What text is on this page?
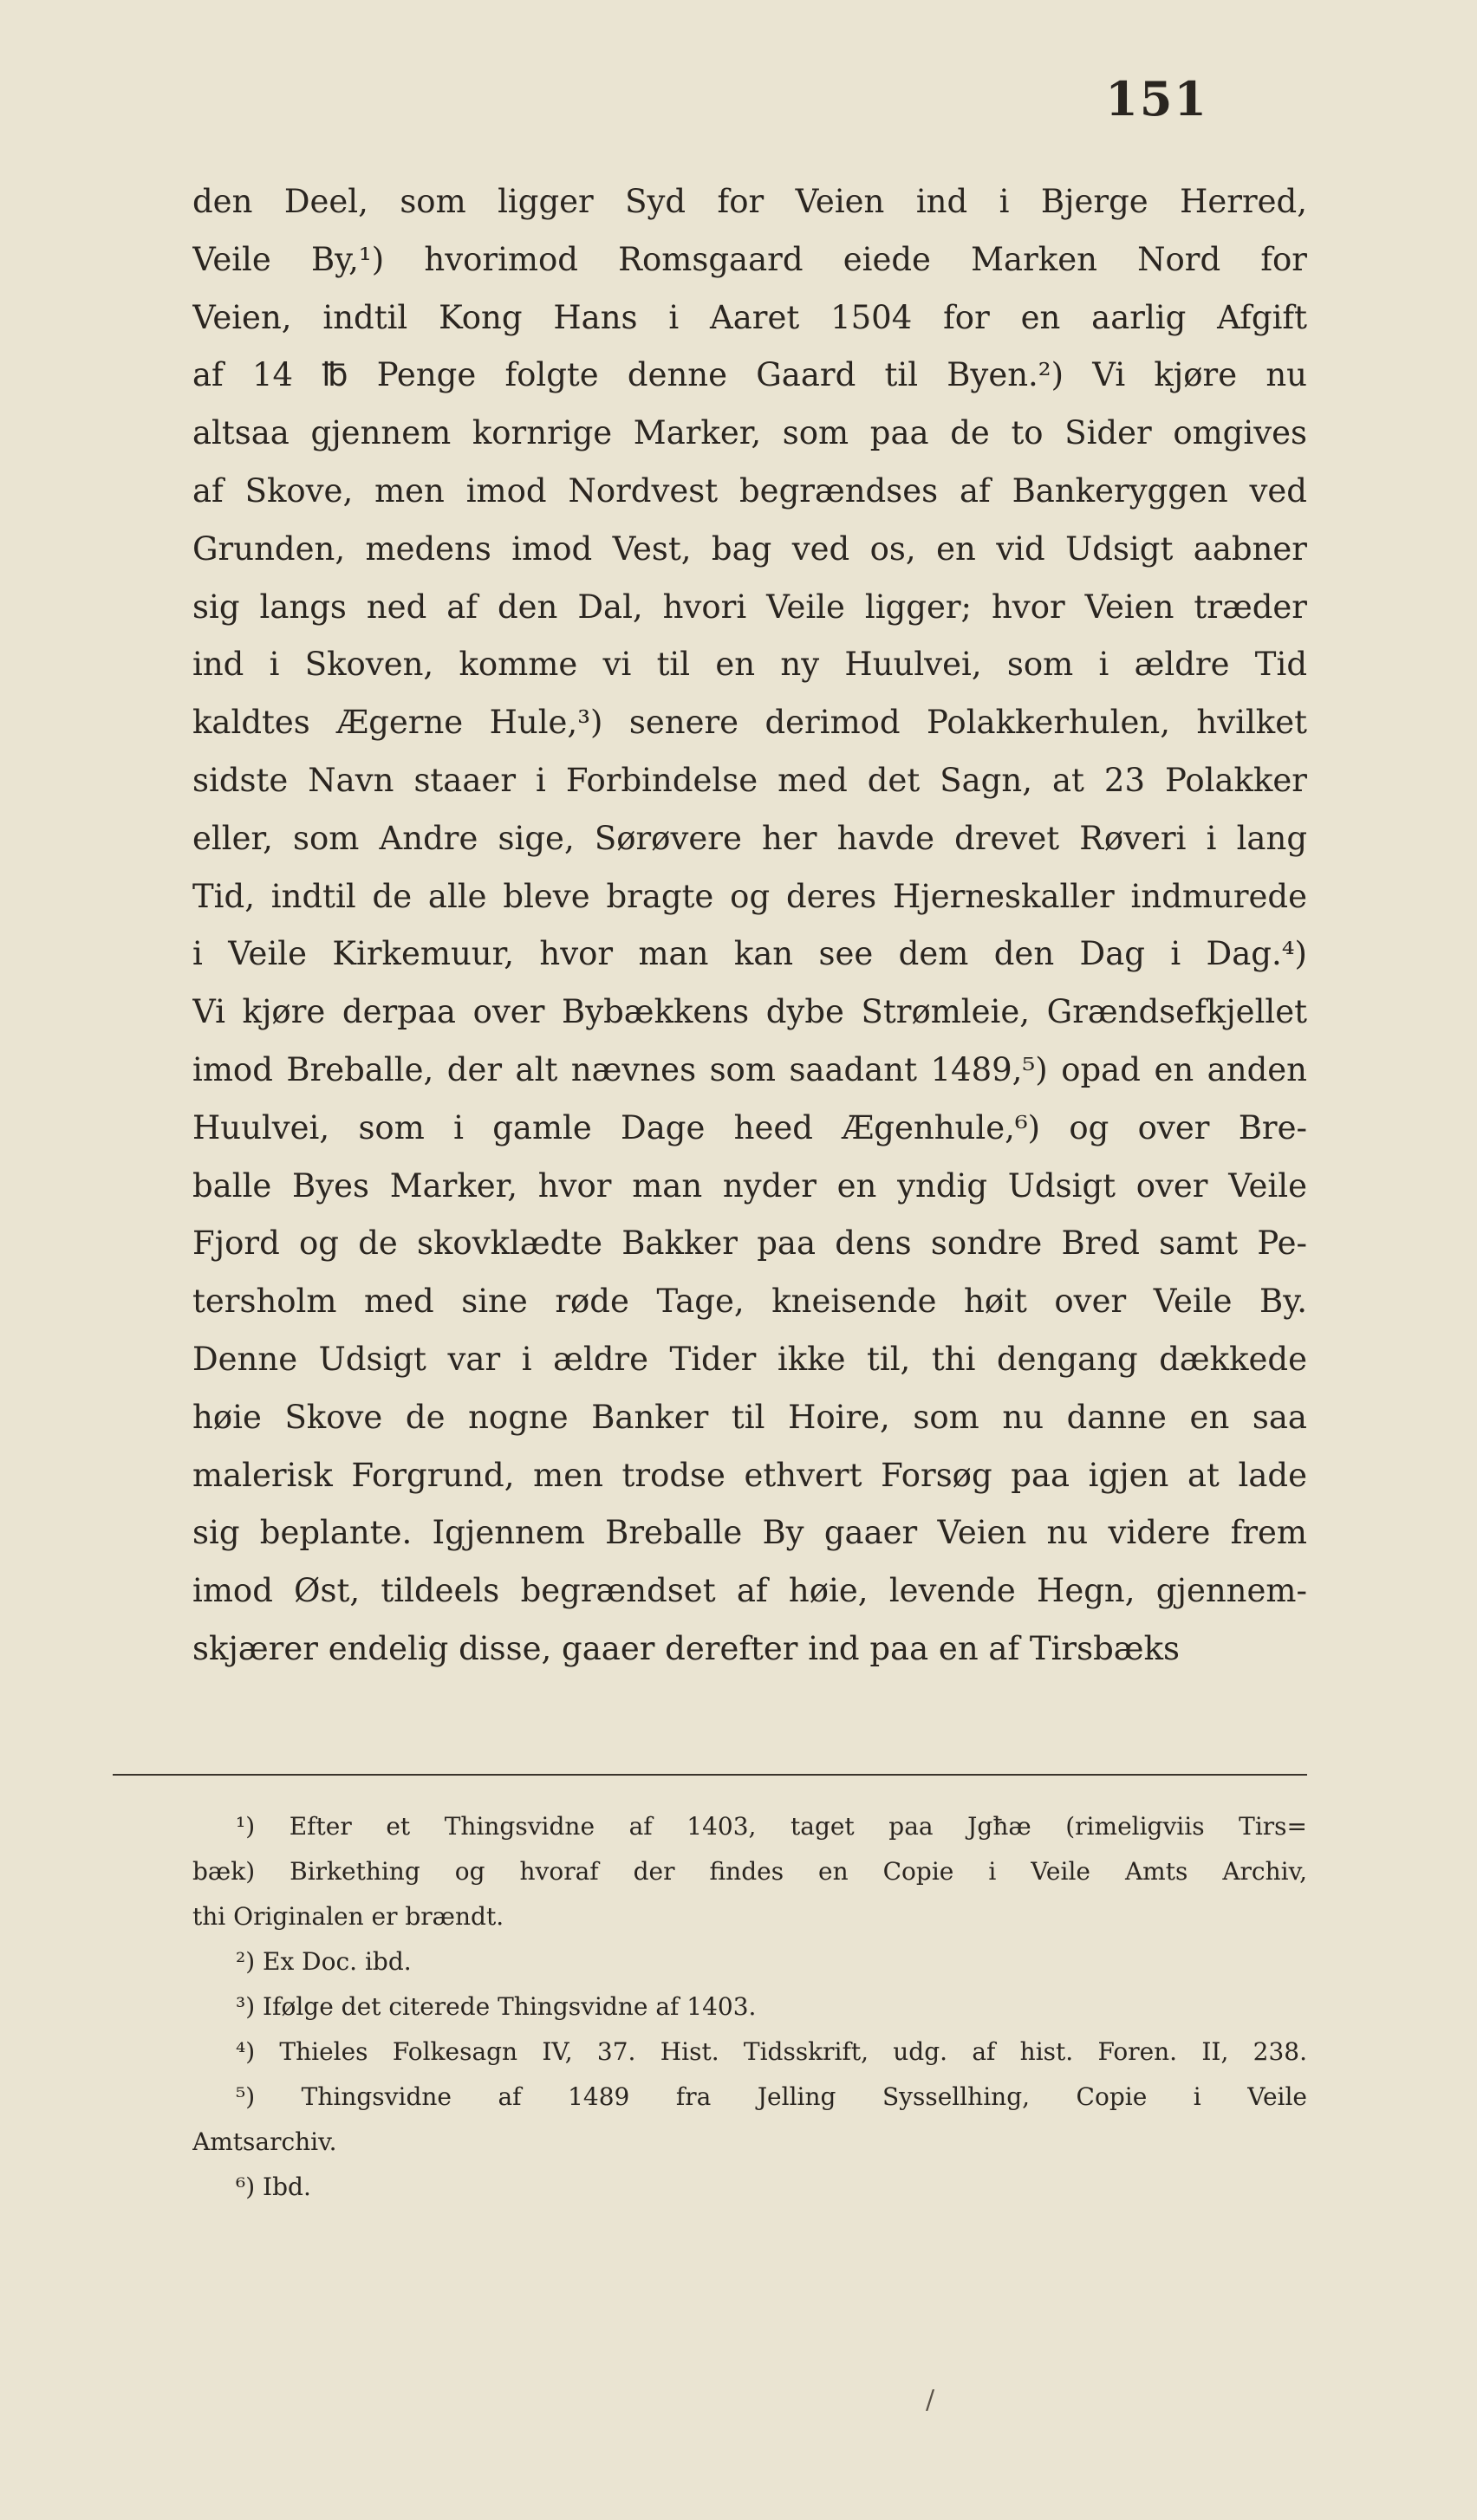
151
den Deel, som ligger Syd for Veien ind i Bjerge Herred,
Veile By,¹) hvorimod Romsgaard eiede Marken Nord for
Veien, indtil Kong Hans i Aaret 1504 for en aarlig Afgift
af 14 ℔ Penge folgte denne Gaard til Byen.²) Vi kjøre nu
altsaa gjennem kornrige Marker, som paa de to Sider omgives
af Skove, men imod Nordvest begrændses af Bankeryggen ved
Grunden, medens imod Vest, bag ved os, en vid Udsigt aabner
sig langs ned af den Dal, hvori Veile ligger; hvor Veien træder
ind i Skoven, komme vi til en ny Huulvei, som i ældre Tid
kaldtes Ægerne Hule,³) senere derimod Polakkerhulen, hvilket
sidste Navn staaer i Forbindelse med det Sagn, at 23 Polakker
eller, som Andre sige, Sørøvere her havde drevet Røveri i lang
Tid, indtil de alle bleve bragte og deres Hjerneskaller indmurede
i Veile Kirkemuur, hvor man kan see dem den Dag i Dag.⁴)
Vi kjøre derpaa over Bybækkens dybe Strømleie, Grændsefkjellet
imod Breballe, der alt nævnes som saadant 1489,⁵) opad en anden
Huulvei, som i gamle Dage heed Ægenhule,⁶) og over Bre-
balle Byes Marker, hvor man nyder en yndig Udsigt over Veile
Fjord og de skovklædte Bakker paa dens sondre Bred samt Pe-
tersholm med sine røde Tage, kneisende høit over Veile By.
Denne Udsigt var i ældre Tider ikke til, thi dengang dækkede
høie Skove de nogne Banker til Hoire, som nu danne en saa
malerisk Forgrund, men trodse ethvert Forsøg paa igjen at lade
sig beplante. Igjennem Breballe By gaaer Veien nu videre frem
imod Øst, tildeels begrændset af høie, levende Hegn, gjennem-
skjærer endelig disse, gaaer derefter ind paa en af Tirsbæks
¹) Efter et Thingsvidne af 1403, taget paa Jgħæ (rimeligviis Tirs=
bæk) Birkething og hvoraf der findes en Copie i Veile Amts Archiv,
thi Originalen er brændt.
²) Ex Doc. ibd.
³) Ifølge det citerede Thingsvidne af 1403.
⁴) Thieles Folkesagn IV, 37. Hist. Tidsskrift, udg. af hist. Foren. II, 238.
⁵) Thingsvidne af 1489 fra Jelling Syssellhing, Copie i Veile
Amtsarchiv.
⁶) Ibd.
/
